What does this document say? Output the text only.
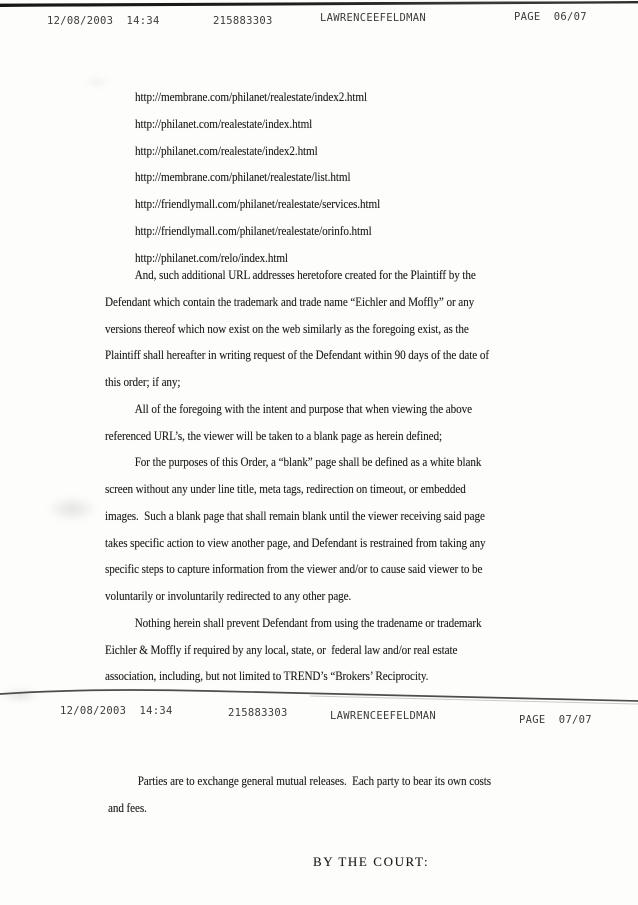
12/08/2003  14:34	215883303	LAWRENCEEFELDMAN	PAGE  06/07
http://membrane.com/philanet/realestate/index2.html
http://philanet.com/realestate/index.html
http://philanet.com/realestate/index2.html
http://membrane.com/philanet/realestate/list.html
http://friendlymall.com/philanet/realestate/services.html
http://friendlymall.com/philanet/realestate/orinfo.html
http://philanet.com/relo/index.html
And, such additional URL addresses heretofore created for the Plaintiff by the
Defendant which contain the trademark and trade name “Eichler and Moffly” or any
versions thereof which now exist on the web similarly as the foregoing exist, as the
Plaintiff shall hereafter in writing request of the Defendant within 90 days of the date of
this order; if any;
All of the foregoing with the intent and purpose that when viewing the above
referenced URL’s, the viewer will be taken to a blank page as herein defined;
For the purposes of this Order, a “blank” page shall be defined as a white blank
screen without any under line title, meta tags, redirection on timeout, or embedded
images.  Such a blank page that shall remain blank until the viewer receiving said page
takes specific action to view another page, and Defendant is restrained from taking any
specific steps to capture information from the viewer and/or to cause said viewer to be
voluntarily or involuntarily redirected to any other page.
Nothing herein shall prevent Defendant from using the tradename or trademark
Eichler & Moffly if required by any local, state, or  federal law and/or real estate
association, including, but not limited to TREND’s “Brokers’ Reciprocity.
12/08/2003  14:34	215883303	LAWRENCEEFELDMAN	PAGE  07/07
Parties are to exchange general mutual releases.  Each party to bear its own costs
and fees.
BY THE COURT:
